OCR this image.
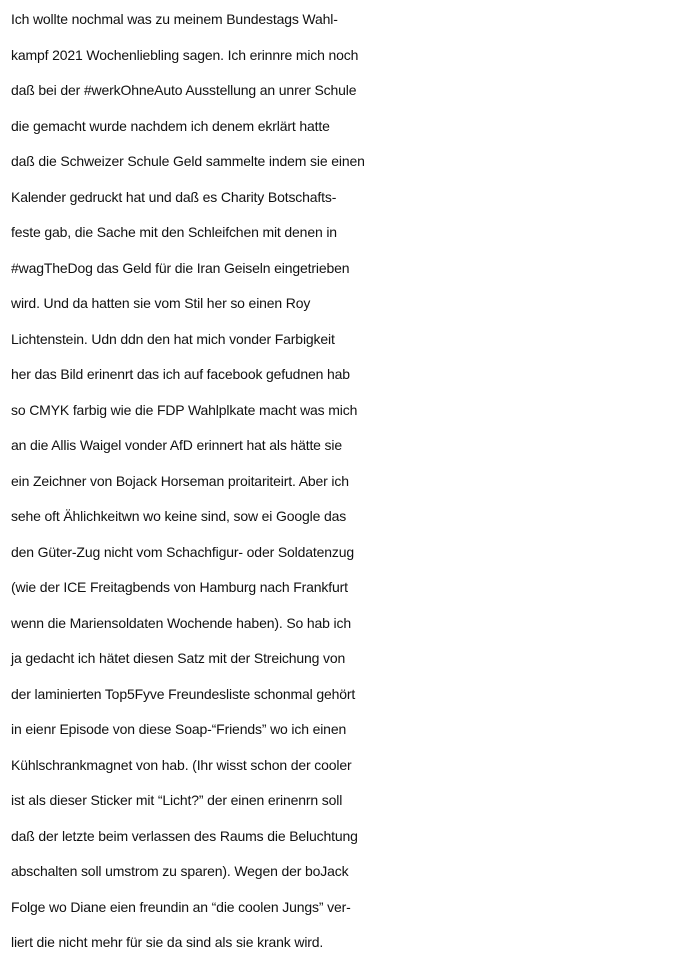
Ich wollte nochmal was zu meinem Bundestags Wahl-
kampf 2021 Wochenliebling sagen. Ich erinnre mich noch
daß bei der #werkOhneAuto Ausstellung an unrer Schule
die gemacht wurde nachdem ich denem ekrlärt hatte
daß die Schweizer Schule Geld sammelte indem sie einen
Kalender gedruckt hat und daß es Charity Botschafts-
feste gab, die Sache mit den Schleifchen mit denen in
#wagTheDog das Geld für die Iran Geiseln eingetrieben
wird. Und da hatten sie vom Stil her so einen Roy
Lichtenstein. Udn ddn den hat mich vonder Farbigkeit
her das Bild erinenrt das ich auf facebook gefudnen hab
so CMYK farbig wie die FDP Wahlplkate macht was mich
an die Allis Waigel vonder AfD erinnert hat als hätte sie
ein Zeichner von Bojack Horseman proitariteirt. Aber ich
sehe oft Ählichkeitwn wo keine sind, sow ei Google das
den Güter-Zug nicht vom Schachfigur- oder Soldatenzug
(wie der ICE Freitagbends von Hamburg nach Frankfurt
wenn die Mariensoldaten Wochende haben). So hab ich
ja gedacht ich hätet diesen Satz mit der Streichung von
der laminierten Top5Fyve Freundesliste schonmal gehört
in eienr Episode von diese Soap-“Friends” wo ich einen
Kühlschrankmagnet von hab. (Ihr wisst schon der cooler
ist als dieser Sticker mit “Licht?” der einen erinenrn soll
daß der letzte beim verlassen des Raums die Beluchtung
abschalten soll umstrom zu sparen). Wegen der boJack
Folge wo Diane eien freundin an “die coolen Jungs” ver-
liert die nicht mehr für sie da sind als sie krank wird.
